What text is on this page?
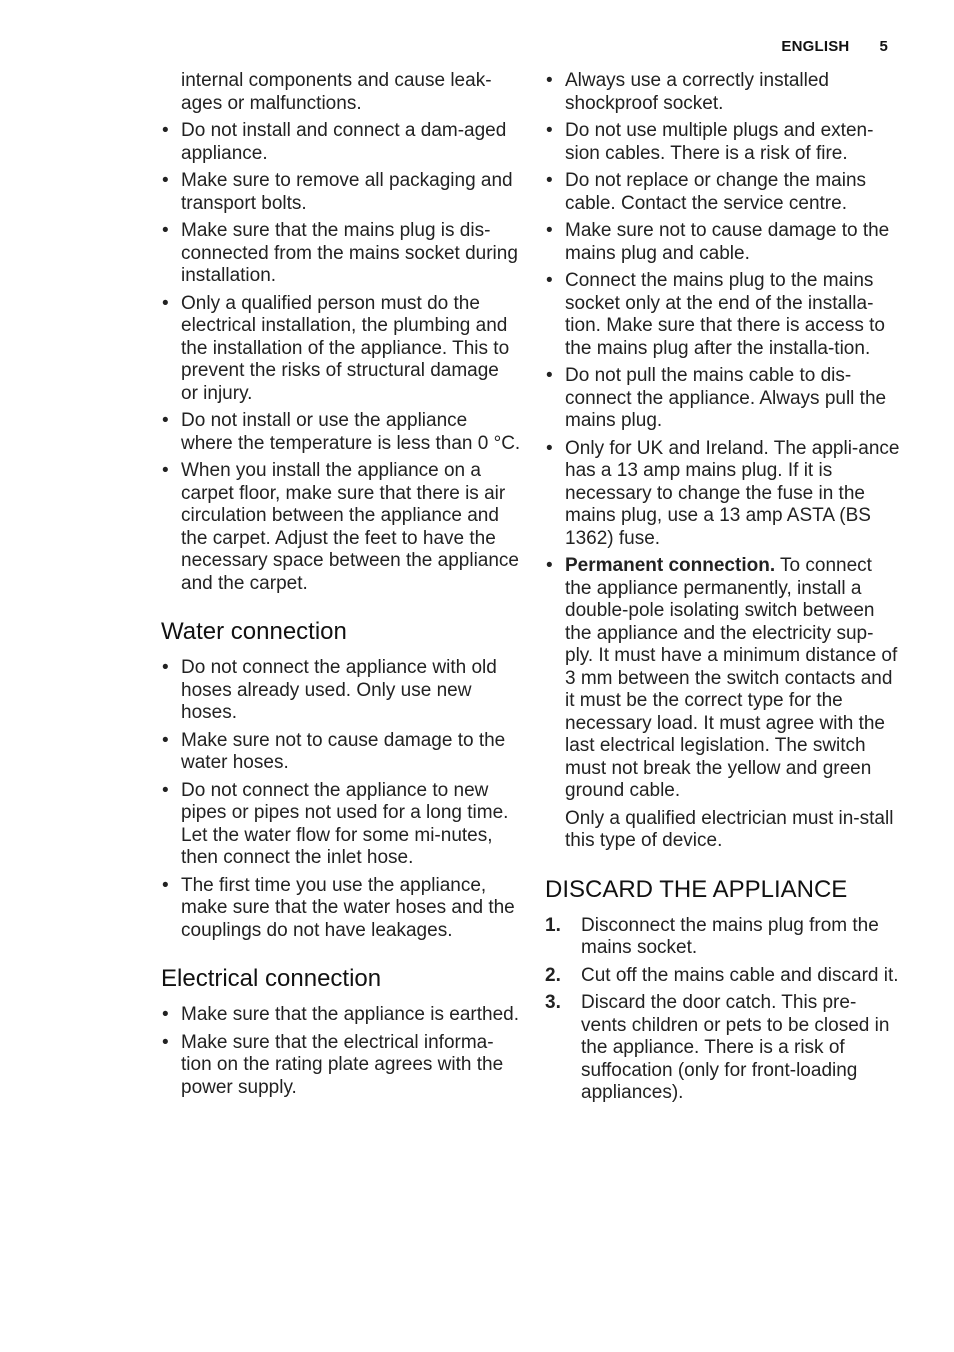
ENGLISH 5

internal components and cause leak-ages or malfunctions.

• Do not install and connect a dam-aged appliance.
• Make sure to remove all packaging and transport bolts.
• Make sure that the mains plug is dis-connected from the mains socket during installation.
• Only a qualified person must do the electrical installation, the plumbing and the installation of the appliance. This to prevent the risks of structural damage or injury.
• Do not install or use the appliance where the temperature is less than 0 °C.
• When you install the appliance on a carpet floor, make sure that there is air circulation between the appliance and the carpet. Adjust the feet to have the necessary space between the appliance and the carpet.
Water connection
• Do not connect the appliance with old hoses already used. Only use new hoses.
• Make sure not to cause damage to the water hoses.
• Do not connect the appliance to new pipes or pipes not used for a long time. Let the water flow for some mi-nutes, then connect the inlet hose.
• The first time you use the appliance, make sure that the water hoses and the couplings do not have leakages.
Electrical connection
• Make sure that the appliance is earthed.
• Make sure that the electrical informa-tion on the rating plate agrees with the power supply.
• Always use a correctly installed shockproof socket.
• Do not use multiple plugs and exten-sion cables. There is a risk of fire.
• Do not replace or change the mains cable. Contact the service centre.
• Make sure not to cause damage to the mains plug and cable.
• Connect the mains plug to the mains socket only at the end of the installa-tion. Make sure that there is access to the mains plug after the installa-tion.
• Do not pull the mains cable to dis-connect the appliance. Always pull the mains plug.
• Only for UK and Ireland. The appli-ance has a 13 amp mains plug. If it is necessary to change the fuse in the mains plug, use a 13 amp ASTA (BS 1362) fuse.
• Permanent connection. To connect the appliance permanently, install a double-pole isolating switch between the appliance and the electricity sup-ply. It must have a minimum distance of 3 mm between the switch contacts and it must be the correct type for the necessary load. It must agree with the last electrical legislation. The switch must not break the yellow and green ground cable.

Only a qualified electrician must in-stall this type of device.

DISCARD THE APPLIANCE
1. Disconnect the mains plug from the mains socket.
2. Cut off the mains cable and discard it.
3. Discard the door catch. This pre-vents children or pets to be closed in the appliance. There is a risk of suffocation (only for front-loading appliances).
